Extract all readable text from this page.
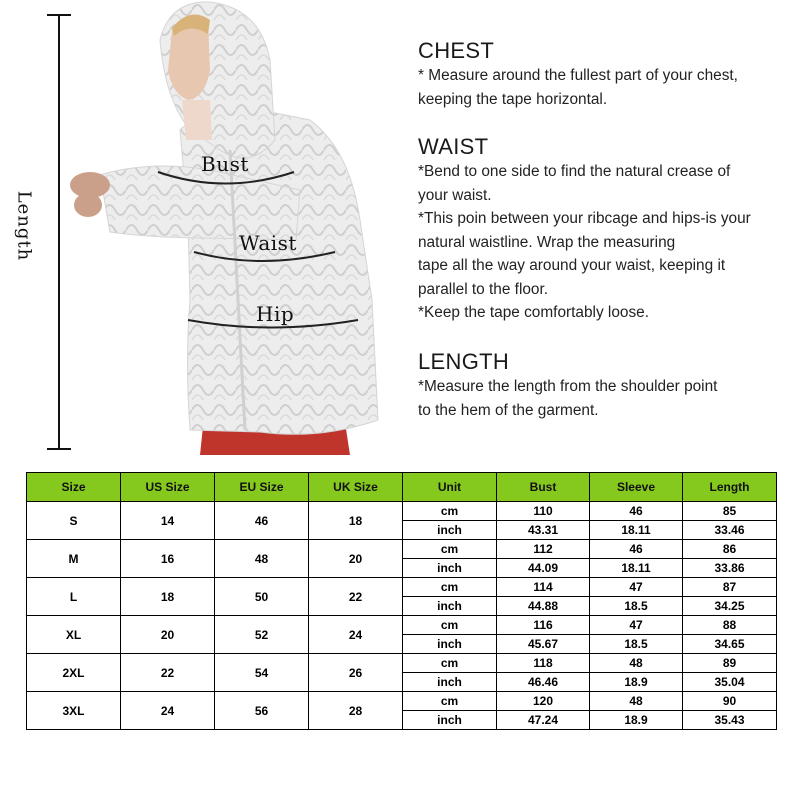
Length
Bust
Waist
Hip
CHEST

* Measure around the fullest part of your chest,

keeping the tape horizontal.

WAIST

*Bend to one side to find the natural crease of

your waist.

*This poin between your ribcage and hips-is your

natural waistline. Wrap the measuring

tape all the way around your waist, keeping it

parallel to the floor.

*Keep the tape comfortably loose.

LENGTH

*Measure the length from the shoulder point

to the hem of the garment.

Size	US Size	EU Size	UK Size	Unit	Bust	Sleeve	Length
S	14	46	18	cm	110	46	85
				inch	43.31	18.11	33.46
M	16	48	20	cm	112	46	86
				inch	44.09	18.11	33.86
L	18	50	22	cm	114	47	87
				inch	44.88	18.5	34.25
XL	20	52	24	cm	116	47	88
				inch	45.67	18.5	34.65
2XL	22	54	26	cm	118	48	89
				inch	46.46	18.9	35.04
3XL	24	56	28	cm	120	48	90
				inch	47.24	18.9	35.43
